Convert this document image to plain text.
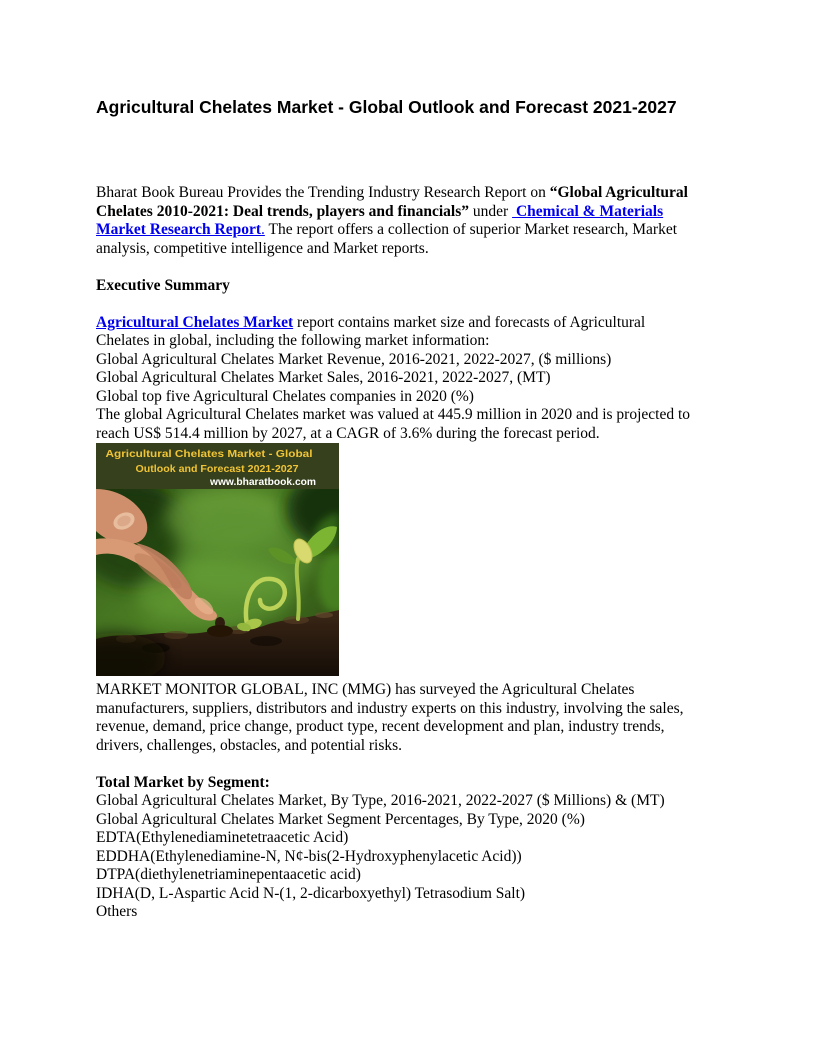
Agricultural Chelates Market - Global Outlook and Forecast 2021-2027
Bharat Book Bureau Provides the Trending Industry Research Report on “Global Agricultural
Chelates 2010-2021: Deal trends, players and financials” under  Chemical & Materials
Market Research Report. The report offers a collection of superior Market research, Market
analysis, competitive intelligence and Market reports.
Executive Summary
Agricultural Chelates Market report contains market size and forecasts of Agricultural
Chelates in global, including the following market information:
Global Agricultural Chelates Market Revenue, 2016-2021, 2022-2027, ($ millions)
Global Agricultural Chelates Market Sales, 2016-2021, 2022-2027, (MT)
Global top five Agricultural Chelates companies in 2020 (%)
The global Agricultural Chelates market was valued at 445.9 million in 2020 and is projected to
reach US$ 514.4 million by 2027, at a CAGR of 3.6% during the forecast period.
Agricultural Chelates Market - Global
Outlook and Forecast 2021-2027
www.bharatbook.com
MARKET MONITOR GLOBAL, INC (MMG) has surveyed the Agricultural Chelates
manufacturers, suppliers, distributors and industry experts on this industry, involving the sales,
revenue, demand, price change, product type, recent development and plan, industry trends,
drivers, challenges, obstacles, and potential risks.
Total Market by Segment:
Global Agricultural Chelates Market, By Type, 2016-2021, 2022-2027 ($ Millions) & (MT)
Global Agricultural Chelates Market Segment Percentages, By Type, 2020 (%)
EDTA(Ethylenediaminetetraacetic Acid)
EDDHA(Ethylenediamine-N, N¢-bis(2-Hydroxyphenylacetic Acid))
DTPA(diethylenetriaminepentaacetic acid)
IDHA(D, L-Aspartic Acid N-(1, 2-dicarboxyethyl) Tetrasodium Salt)
Others
